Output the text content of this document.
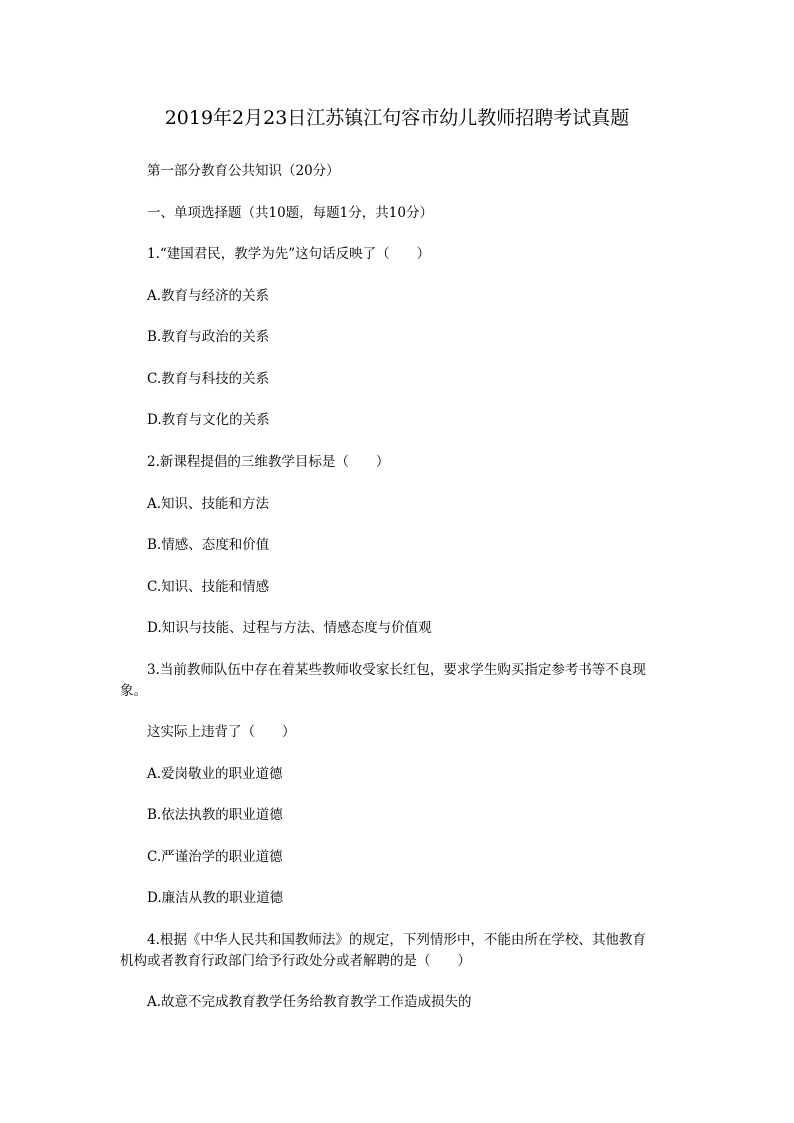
2019年2月23日江苏镇江句容市幼儿教师招聘考试真题
第一部分教育公共知识（20分）
一、单项选择题（共10题，每题1分，共10分）
1.“建国君民，教学为先”这句话反映了（　　）
A.教育与经济的关系
B.教育与政治的关系
C.教育与科技的关系
D.教育与文化的关系
2.新课程提倡的三维教学目标是（　　）
A.知识、技能和方法
B.情感、态度和价值
C.知识、技能和情感
D.知识与技能、过程与方法、情感态度与价值观
3.当前教师队伍中存在着某些教师收受家长红包，要求学生购买指定参考书等不良现
象。
这实际上违背了（　　）
A.爱岗敬业的职业道德
B.依法执教的职业道德
C.严谨治学的职业道德
D.廉洁从教的职业道德
4.根据《中华人民共和国教师法》的规定，下列情形中，不能由所在学校、其他教育
机构或者教育行政部门给予行政处分或者解聘的是（　　）
A.故意不完成教育教学任务给教育教学工作造成损失的
